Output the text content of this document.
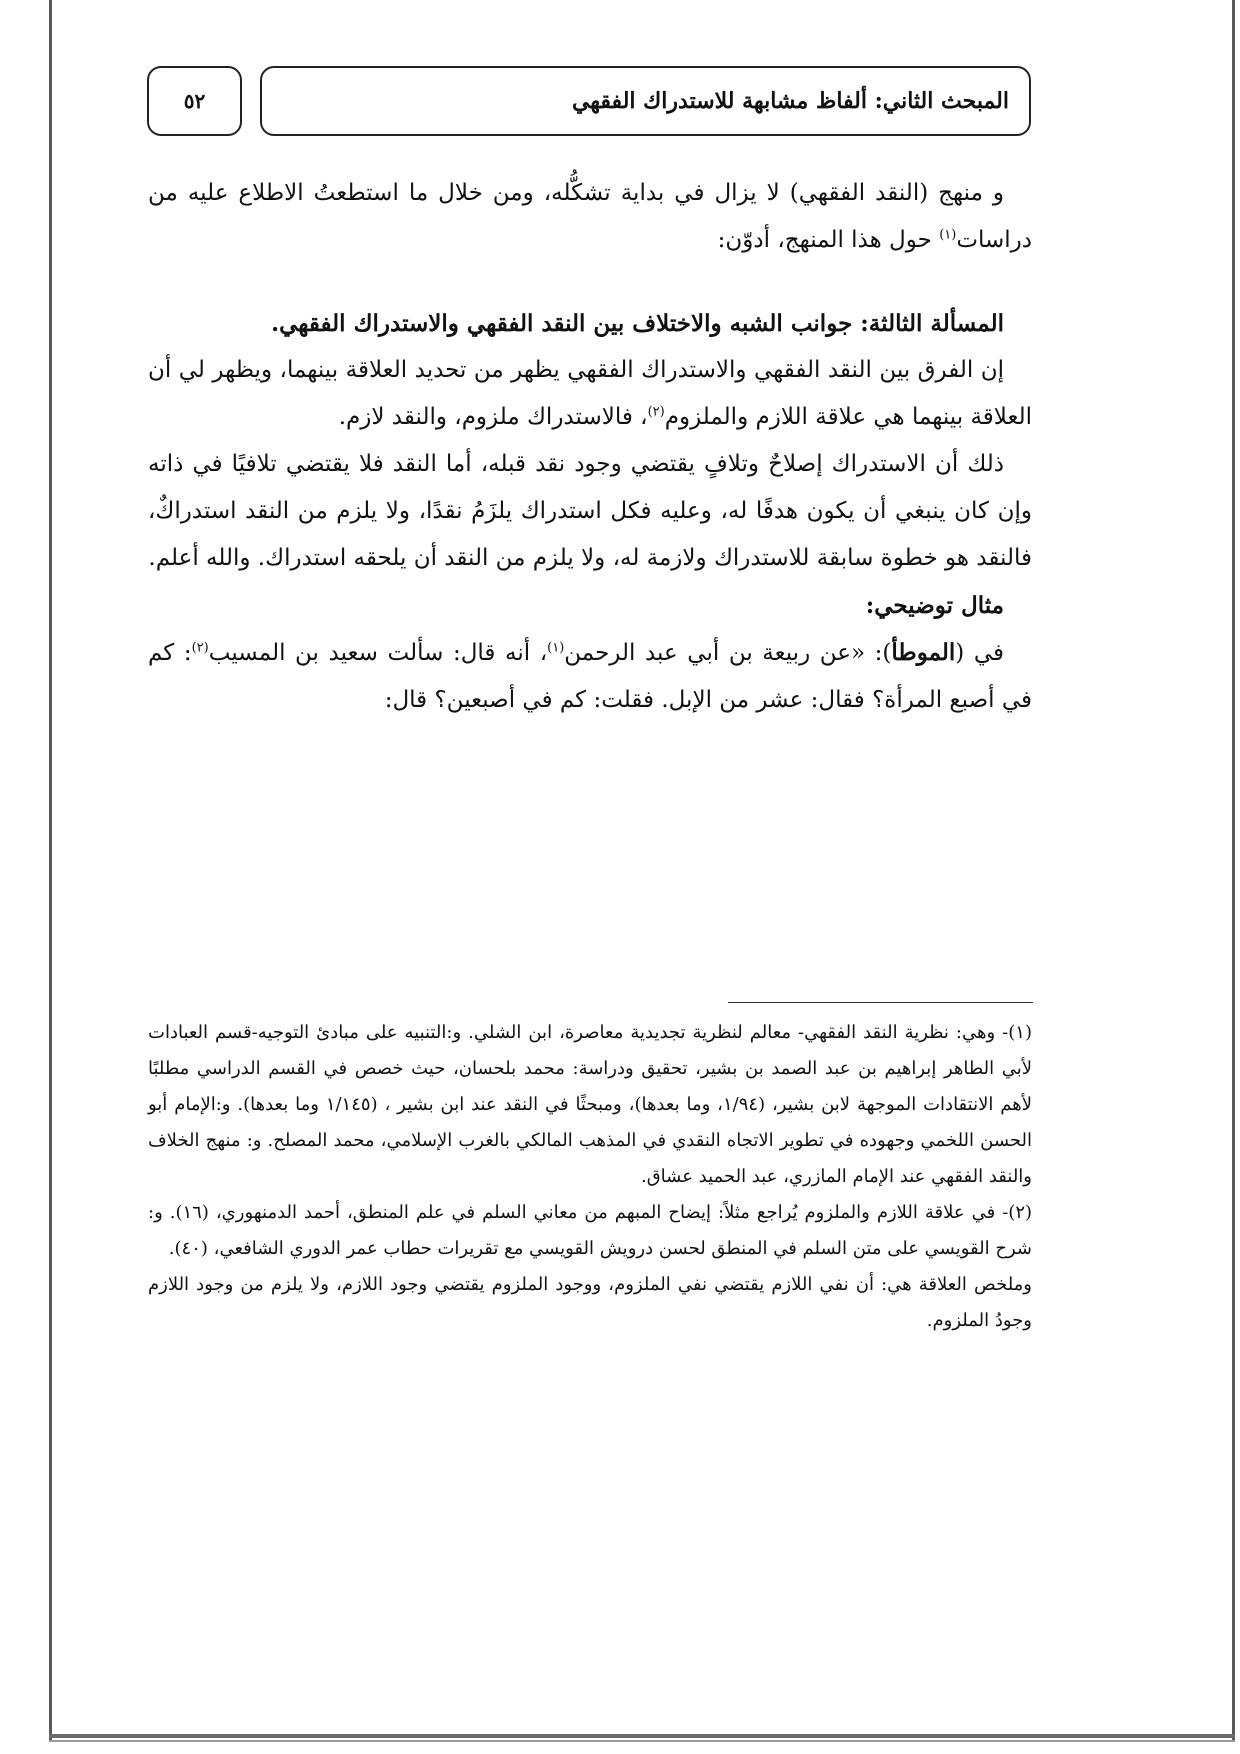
المبحث الثاني: ألفاظ مشابهة للاستدراك الفقهي
٥٢

و منهج (النقد الفقهي) لا يزال في بداية تشكُّله، ومن خلال ما استطعتُ الاطلاع عليه من دراسات$^{(١)}$ حول هذا المنهج، أدوّن:

المسألة الثالثة: جوانب الشبه والاختلاف بين النقد الفقهي والاستدراك الفقهي.

إن الفرق بين النقد الفقهي والاستدراك الفقهي يظهر من تحديد العلاقة بينهما، ويظهر لي أن العلاقة بينهما هي علاقة اللازم والملزوم$^{(٢)}$، فالاستدراك ملزوم، والنقد لازم.

ذلك أن الاستدراك إصلاحٌ وتلافٍ يقتضي وجود نقد قبله، أما النقد فلا يقتضي تلافيًا في ذاته وإن كان ينبغي أن يكون هدفًا له، وعليه فكل استدراك يلزَمُ نقدًا، ولا يلزم من النقد استدراكٌ، فالنقد هو خطوة سابقة للاستدراك ولازمة له، ولا يلزم من النقد أن يلحقه استدراك. والله أعلم.

مثال توضيحي:

في (الموطأ): «عن ربيعة بن أبي عبد الرحمن$^{(١)}$، أنه قال: سألت سعيد بن المسيب$^{(٢)}$: كم في أصبع المرأة؟ فقال: عشر من الإبل. فقلت: كم في أصبعين؟ قال:

(١)- وهي: نظرية النقد الفقهي- معالم لنظرية تجديدية معاصرة، ابن الشلي. و:التنبيه على مبادئ التوجيه-قسم العبادات لأبي الطاهر إبراهيم بن عبد الصمد بن بشير، تحقيق ودراسة: محمد بلحسان، حيث خصص في القسم الدراسي مطلبًا لأهم الانتقادات الموجهة لابن بشير، (١/٩٤، وما بعدها)، ومبحثًا في النقد عند ابن بشير ، (١/١٤٥ وما بعدها). و:الإمام أبو الحسن اللخمي وجهوده في تطوير الاتجاه النقدي في المذهب المالكي بالغرب الإسلامي، محمد المصلح. و: منهج الخلاف والنقد الفقهي عند الإمام المازري، عبد الحميد عشاق.

(٢)- في علاقة اللازم والملزوم يُراجع مثلاً: إيضاح المبهم من معاني السلم في علم المنطق، أحمد الدمنهوري، (١٦). و: شرح القويسي على متن السلم في المنطق لحسن درويش القويسي مع تقريرات حطاب عمر الدوري الشافعي، (٤٠).

وملخص العلاقة هي: أن نفي اللازم يقتضي نفي الملزوم، ووجود الملزوم يقتضي وجود اللازم، ولا يلزم من وجود اللازم وجودُ الملزوم.
